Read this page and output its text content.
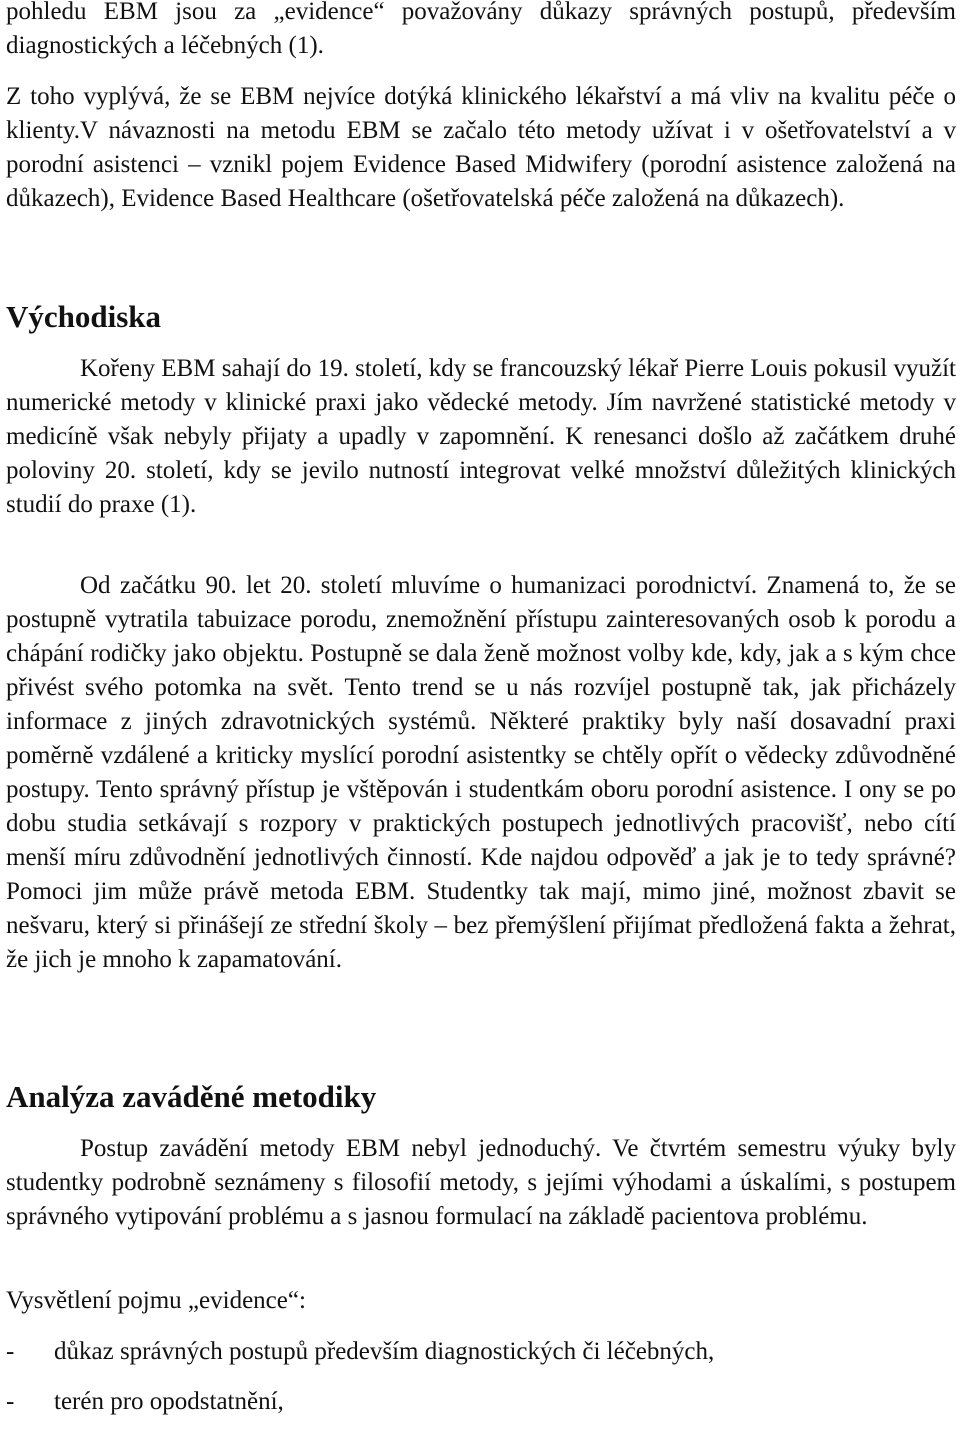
pohledu EBM jsou za „evidence“ považovány důkazy správných postupů, především diagnostických a léčebných (1).

Z toho vyplývá, že se EBM nejvíce dotýká klinického lékařství a má vliv na kvalitu péče o klienty.V návaznosti na metodu EBM se začalo této metody užívat i v ošetřovatelství a v porodní asistenci – vznikl pojem Evidence Based Midwifery (porodní asistence založená na důkazech), Evidence Based Healthcare (ošetřovatelská péče založená na důkazech).

Východiska

Kořeny EBM sahají do 19. století, kdy se francouzský lékař Pierre Louis pokusil využít numerické metody v klinické praxi jako vědecké metody. Jím navržené statistické metody v medicíně však nebyly přijaty a upadly v zapomnění. K renesanci došlo až začátkem druhé poloviny 20. století, kdy se jevilo nutností integrovat velké množství důležitých klinických studií do praxe (1).

Od začátku 90. let 20. století mluvíme o humanizaci porodnictví. Znamená to, že se postupně vytratila tabuizace porodu, znemožnění přístupu zainteresovaných osob k porodu a chápání rodičky jako objektu. Postupně se dala ženě možnost volby kde, kdy, jak a s kým chce přivést svého potomka na svět. Tento trend se u nás rozvíjel postupně tak, jak přicházely informace z jiných zdravotnických systémů. Některé praktiky byly naší dosavadní praxi poměrně vzdálené a kriticky myslící porodní asistentky se chtěly opřít o vědecky zdůvodněné postupy. Tento správný přístup je vštěpován i studentkám oboru porodní asistence. I ony se po dobu studia setkávají s rozpory v praktických postupech jednotlivých pracovišť, nebo cítí menší míru zdůvodnění jednotlivých činností. Kde najdou odpověď a jak je to tedy správné? Pomoci jim může právě metoda EBM. Studentky tak mají, mimo jiné, možnost zbavit se nešvaru, který si přinášejí ze střední školy – bez přemýšlení přijímat předložená fakta a žehrat, že jich je mnoho k zapamatování.

Analýza zaváděné metodiky

Postup zavádění metody EBM nebyl jednoduchý. Ve čtvrtém semestru výuky byly studentky podrobně seznámeny s filosofií metody, s jejími výhodami a úskalími, s postupem správného vytipování problému a s jasnou formulací na základě pacientova problému.

Vysvětlení pojmu „evidence“:

- důkaz správných postupů především diagnostických či léčebných,
- terén pro opodstatnění,
